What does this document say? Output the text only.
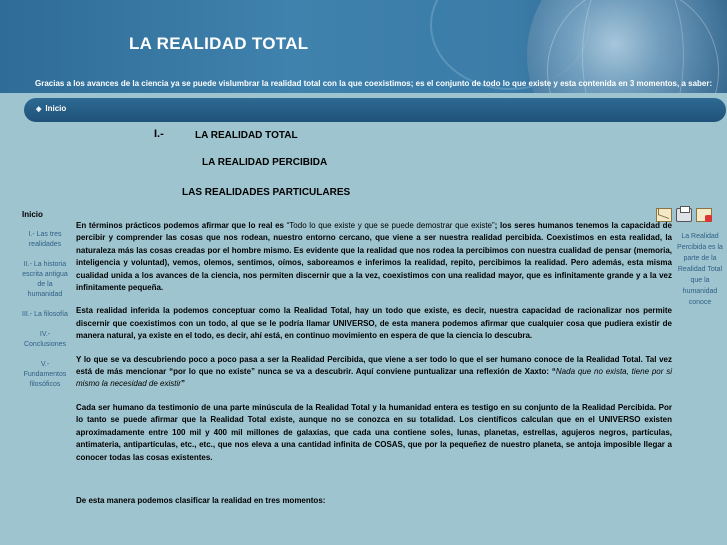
LA REALIDAD TOTAL
Gracias a los avances de la ciencia ya se puede vislumbrar la realidad total con la que coexistimos; es el conjunto de todo lo que existe y esta contenida en 3 momentos, a saber:
◈ Inicio
I.-	LA REALIDAD TOTAL
LA REALIDAD PERCIBIDA
LAS REALIDADES PARTICULARES
Inicio
I.- Las tres realidades
II.- La historia escrita antigua de la humanidad
III.- La filosofía
IV.- Conclusiones
V.- Fundamentos filosóficos
La Realidad Percibida es la parte de la Realidad Total que la humanidad conoce

En términos prácticos podemos afirmar que lo real es “Todo lo que existe y que se puede demostrar que existe”; los seres humanos tenemos la capacidad de percibir y comprender las cosas que nos rodean, nuestro entorno cercano, que viene a ser nuestra realidad percibida. Coexistimos en esta realidad, la naturaleza más las cosas creadas por el hombre mismo. Es evidente que la realidad que nos rodea la percibimos con nuestra cualidad de pensar (memoria, inteligencia y voluntad), vemos, olemos, sentimos, oímos, saboreamos e inferimos la realidad, repito, percibimos la realidad. Pero además, esta misma cualidad unida a los avances de la ciencia, nos permiten discernir que a la vez, coexistimos con una realidad mayor, que es infinitamente grande y a la vez infinitamente pequeña.

Esta realidad inferida la podemos conceptuar como la Realidad Total, hay un todo que existe, es decir, nuestra capacidad de racionalizar nos permite discernir que coexistimos con un todo, al que se le podría llamar UNIVERSO, de esta manera podemos afirmar que cualquier cosa que pudiera existir de manera natural, ya existe en el todo, es decir, ahí está, en continuo movimiento en espera de que la ciencia lo descubra.

Y lo que se va descubriendo poco a poco pasa a ser la Realidad Percibida, que viene a ser todo lo que el ser humano conoce de la Realidad Total. Tal vez está de más mencionar “por lo que no existe” nunca se va a descubrir. Aquí conviene puntualizar una reflexión de Xaxto: “Nada que no exista, tiene por si mismo la necesidad de existir”

Cada ser humano da testimonio de una parte minúscula de la Realidad Total y la humanidad entera es testigo en su conjunto de la Realidad Percibida. Por lo tanto se puede afirmar que la Realidad Total existe, aunque no se conozca en su totalidad. Los científicos calculan que en el UNIVERSO existen aproximadamente entre 100 mil y 400 mil millones de galaxias, que cada una contiene soles, lunas, planetas, estrellas, agujeros negros, partículas, antimateria, antipartículas, etc., etc., que nos eleva a una cantidad infinita de COSAS, que por la pequeñez de nuestro planeta, se antoja imposible llegar a conocer todas las cosas existentes.

De esta manera podemos clasificar la realidad en tres momentos:
